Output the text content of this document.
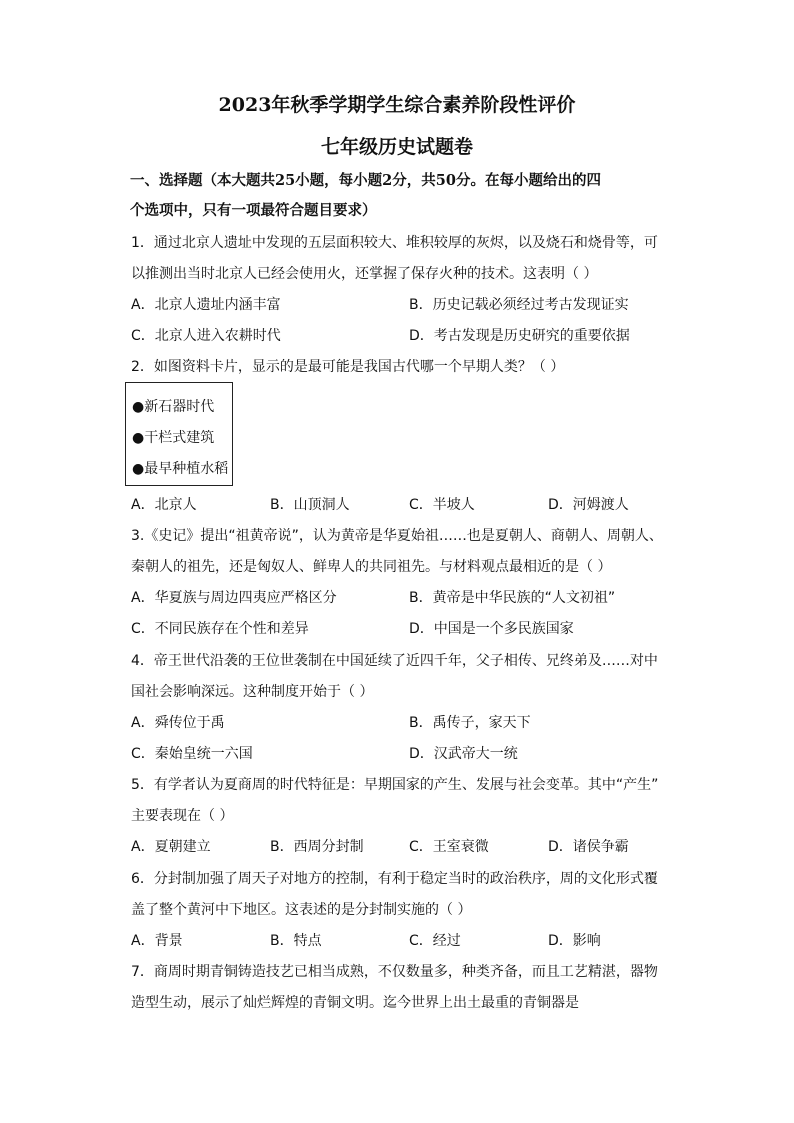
2023年秋季学期学生综合素养阶段性评价
七年级历史试题卷
一、选择题（本大题共25小题，每小题2分，共50分。在每小题给出的四
个选项中，只有一项最符合题目要求）
1．通过北京人遗址中发现的五层面积较大、堆积较厚的灰烬，以及烧石和烧骨等，可
以推测出当时北京人已经会使用火，还掌握了保存火种的技术。这表明（ ）
A．北京人遗址内涵丰富	B．历史记载必须经过考古发现证实
C．北京人进入农耕时代	D．考古发现是历史研究的重要依据
2．如图资料卡片，显示的是最可能是我国古代哪一个早期人类？（ ）
●新石器时代
●干栏式建筑
●最早种植水稻
A．北京人	B．山顶洞人	C．半坡人	D．河姆渡人
3.《史记》提出“祖黄帝说”，认为黄帝是华夏始祖……也是夏朝人、商朝人、周朝人、
秦朝人的祖先，还是匈奴人、鲜卑人的共同祖先。与材料观点最相近的是（ ）
A．华夏族与周边四夷应严格区分	B．黄帝是中华民族的“人文初祖”
C．不同民族存在个性和差异	D．中国是一个多民族国家
4．帝王世代沿袭的王位世袭制在中国延续了近四千年，父子相传、兄终弟及……对中
国社会影响深远。这种制度开始于（ ）
A．舜传位于禹	B．禹传子，家天下
C．秦始皇统一六国	D．汉武帝大一统
5．有学者认为夏商周的时代特征是：早期国家的产生、发展与社会变革。其中“产生”
主要表现在（ ）
A．夏朝建立	B．西周分封制	C．王室衰微	D．诸侯争霸
6．分封制加强了周天子对地方的控制，有利于稳定当时的政治秩序，周的文化形式覆
盖了整个黄河中下地区。这表述的是分封制实施的（ ）
A．背景	B．特点	C．经过	D．影响
7．商周时期青铜铸造技艺已相当成熟，不仅数量多，种类齐备，而且工艺精湛，器物
造型生动，展示了灿烂辉煌的青铜文明。迄今世界上出土最重的青铜器是
